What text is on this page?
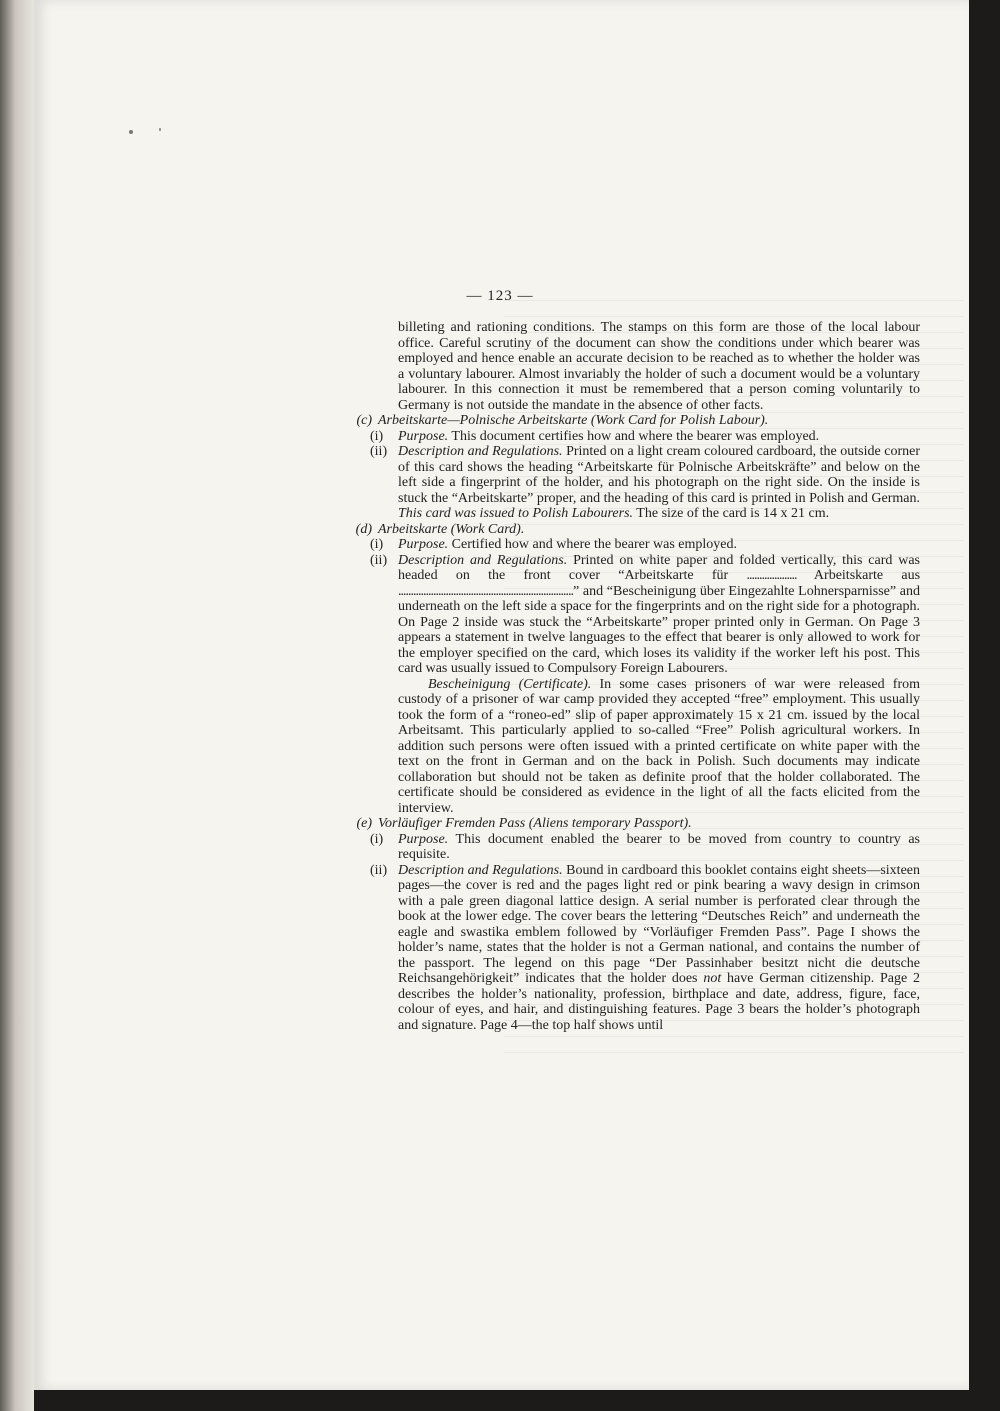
— 123 —

billeting and rationing conditions. The stamps on this form are those of the local labour office. Careful scrutiny of the document can show the conditions under which bearer was employed and hence enable an accurate decision to be reached as to whether the holder was a voluntary labourer. Almost invariably the holder of such a document would be a voluntary labourer. In this connection it must be remembered that a person coming voluntarily to Germany is not outside the mandate in the absence of other facts.

(c) Arbeitskarte—Polnische Arbeitskarte (Work Card for Polish Labour).

(i)	Purpose. This document certifies how and where the bearer was employed.

(ii) Description and Regulations. Printed on a light cream coloured cardboard, the outside corner of this card shows the heading “Arbeitskarte für Polnische Arbeitskräfte” and below on the left side a fingerprint of the holder, and his photograph on the right side. On the inside is stuck the “Arbeitskarte” proper, and the heading of this card is printed in Polish and German. This card was issued to Polish Labourers. The size of the card is 14 x 21 cm.

(d) Arbeitskarte (Work Card).

(i)	Purpose. Certified how and where the bearer was employed.

(ii) Description and Regulations. Printed on white paper and folded vertically, this card was headed on the front cover “Arbeitskarte für .................... Arbeitskarte aus ......................................................................” and “Bescheinigung über Eingezahlte Lohnersparnisse” and underneath on the left side a space for the fingerprints and on the right side for a photograph. On Page 2 inside was stuck the “Arbeitskarte” proper printed only in German. On Page 3 appears a statement in twelve languages to the effect that bearer is only allowed to work for the employer specified on the card, which loses its validity if the worker left his post. This card was usually issued to Compulsory Foreign Labourers.

Bescheinigung (Certificate). In some cases prisoners of war were released from custody of a prisoner of war camp provided they accepted “free” employment. This usually took the form of a “roneo-ed” slip of paper approximately 15 x 21 cm. issued by the local Arbeitsamt. This particularly applied to so-called “Free” Polish agricultural workers. In addition such persons were often issued with a printed certificate on white paper with the text on the front in German and on the back in Polish. Such documents may indicate collaboration but should not be taken as definite proof that the holder collaborated. The certificate should be considered as evidence in the light of all the facts elicited from the interview.

(e) Vorläufiger Fremden Pass (Aliens temporary Passport).

(i)	Purpose. This document enabled the bearer to be moved from country to country as requisite.

(ii) Description and Regulations. Bound in cardboard this booklet contains eight sheets—sixteen pages—the cover is red and the pages light red or pink bearing a wavy design in crimson with a pale green diagonal lattice design. A serial number is perforated clear through the book at the lower edge. The cover bears the lettering “Deutsches Reich” and underneath the eagle and swastika emblem followed by “Vorläufiger Fremden Pass”. Page I shows the holder’s name, states that the holder is not a German national, and contains the number of the passport. The legend on this page “Der Passinhaber besitzt nicht die deutsche Reichsangehörigkeit” indicates that the holder does not have German citizenship. Page 2 describes the holder’s nationality, profession, birthplace and date, address, figure, face, colour of eyes, and hair, and distinguishing features. Page 3 bears the holder’s photograph and signature. Page 4—the top half shows until
